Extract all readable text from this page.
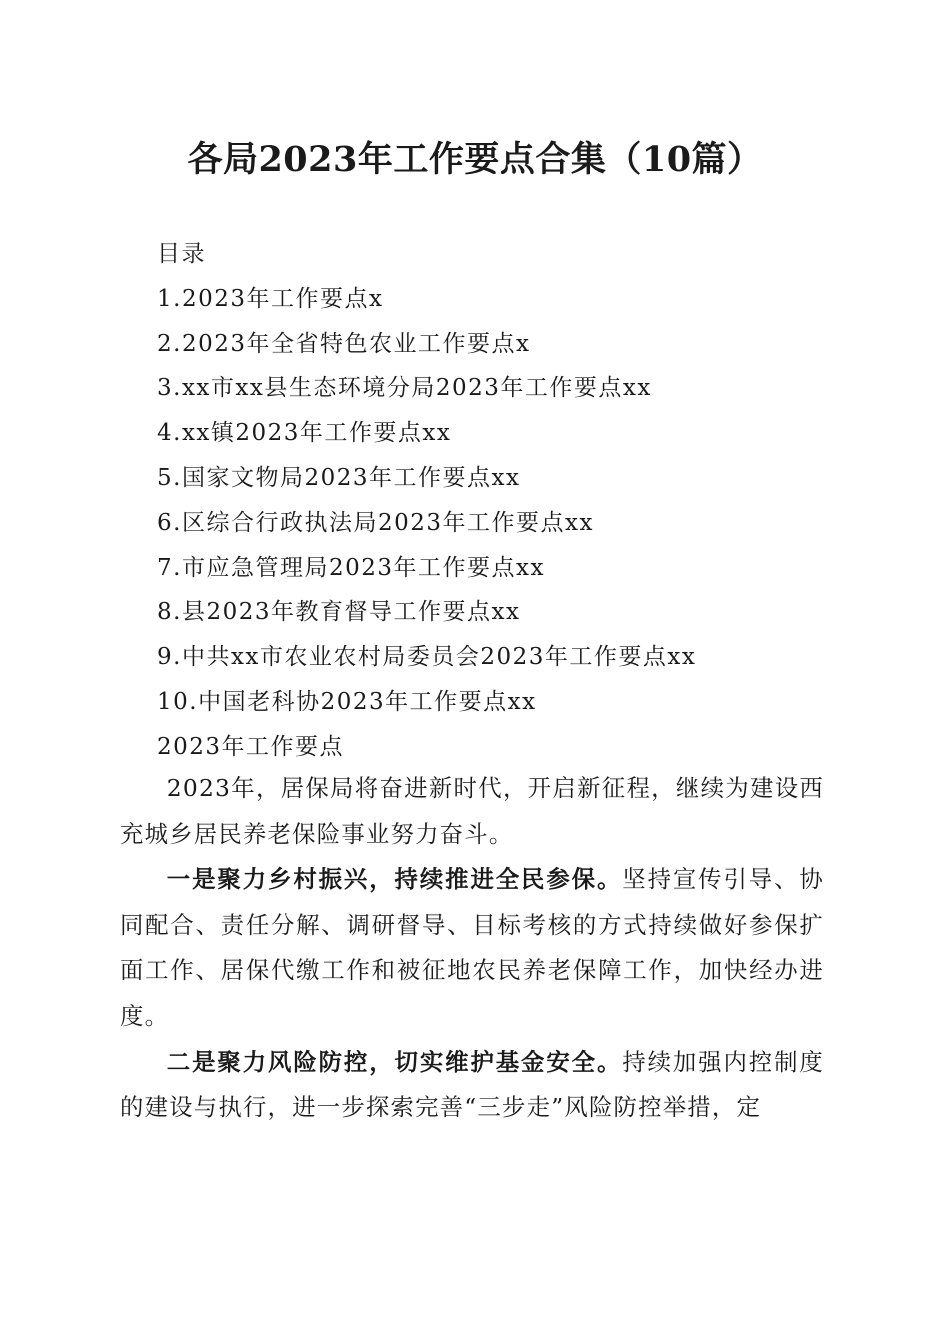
各局2023年工作要点合集（10篇）
目录
1.2023年工作要点x
2.2023年全省特色农业工作要点x
3.xx市xx县生态环境分局2023年工作要点xx
4.xx镇2023年工作要点xx
5.国家文物局2023年工作要点xx
6.区综合行政执法局2023年工作要点xx
7.市应急管理局2023年工作要点xx
8.县2023年教育督导工作要点xx
9.中共xx市农业农村局委员会2023年工作要点xx
10.中国老科协2023年工作要点xx
2023年工作要点

2023年，居保局将奋进新时代，开启新征程，继续为建设西充城乡居民养老保险事业努力奋斗。

一是聚力乡村振兴，持续推进全民参保。坚持宣传引导、协同配合、责任分解、调研督导、目标考核的方式持续做好参保扩面工作、居保代缴工作和被征地农民养老保障工作，加快经办进度。

二是聚力风险防控，切实维护基金安全。持续加强内控制度的建设与执行，进一步探索完善“三步走”风险防控举措，定
